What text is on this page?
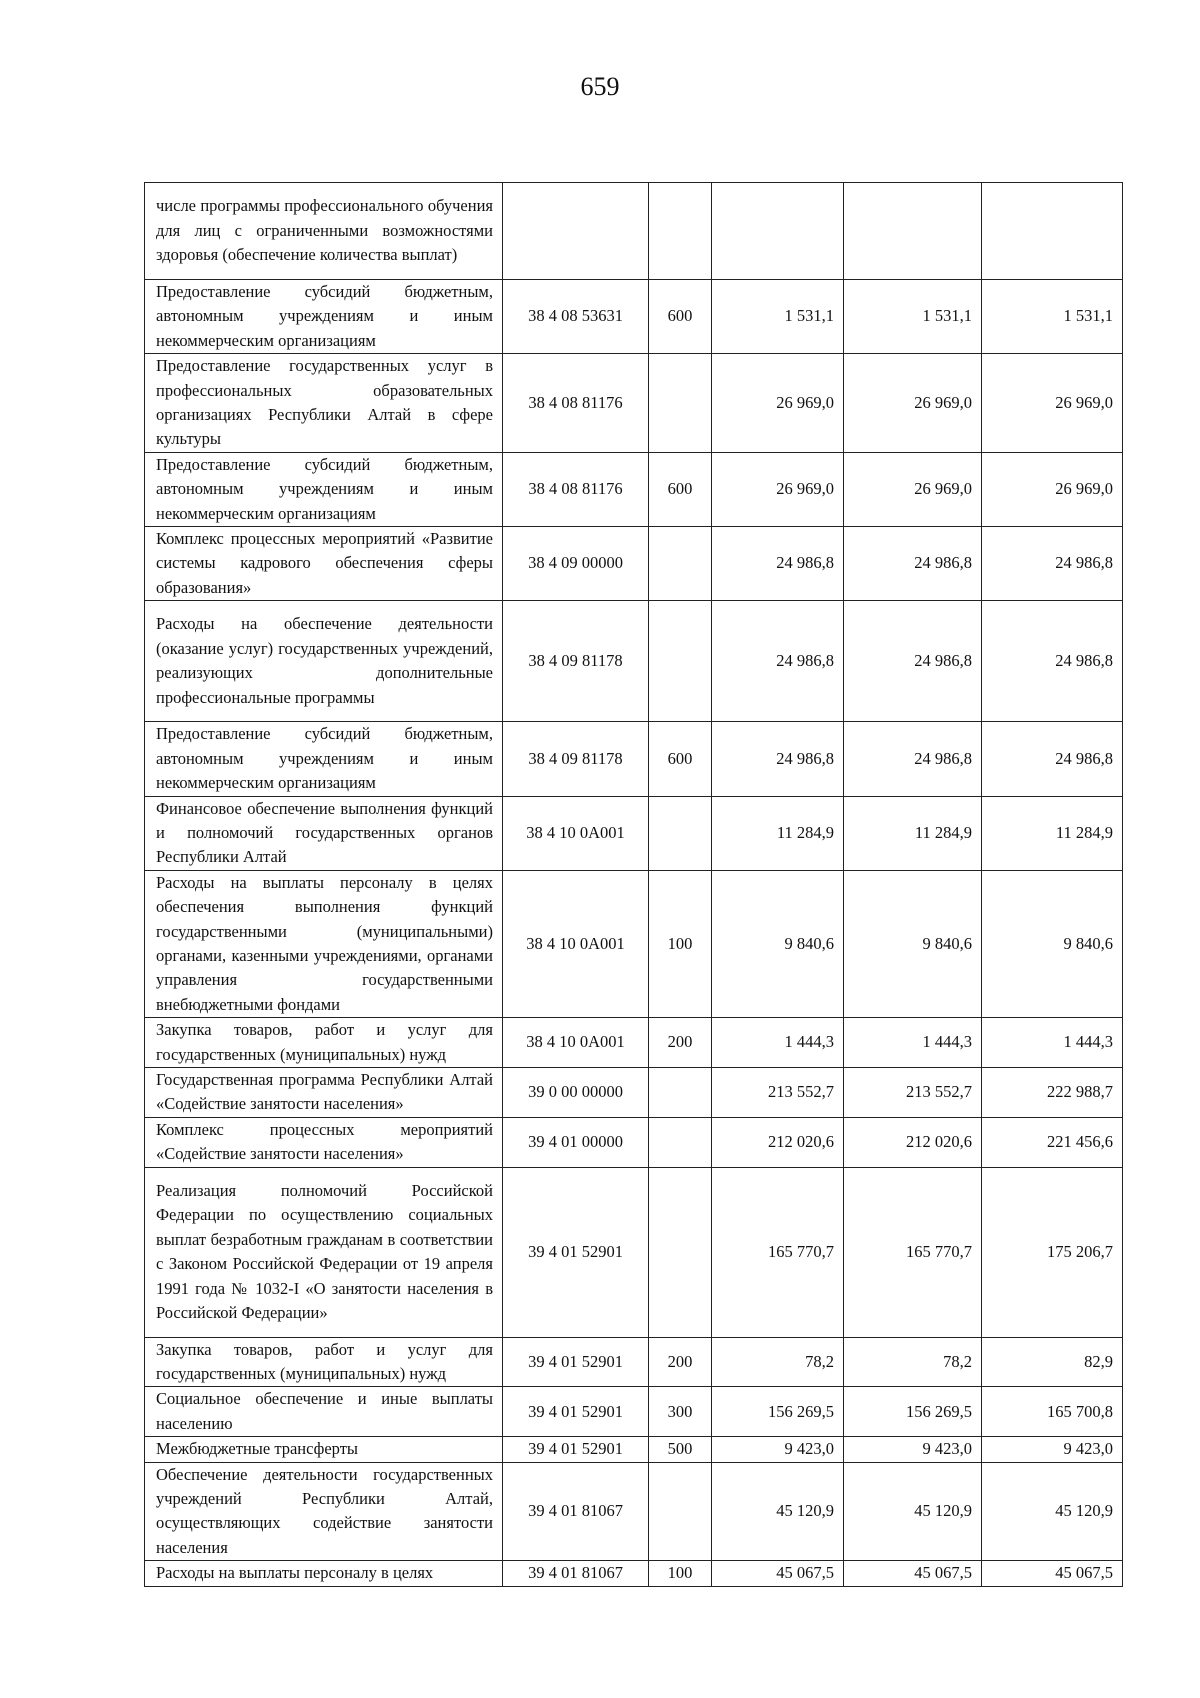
659
числе программы профессионального обучения для лиц с ограниченными возможностями здоровья (обеспечение количества выплат)					
Предоставление субсидий бюджетным, автономным учреждениям и иным некоммерческим организациям	38 4 08 53631	600	1 531,1	1 531,1	1 531,1
Предоставление государственных услуг в профессиональных образовательных организациях Республики Алтай в сфере культуры	38 4 08 81176		26 969,0	26 969,0	26 969,0
Предоставление субсидий бюджетным, автономным учреждениям и иным некоммерческим организациям	38 4 08 81176	600	26 969,0	26 969,0	26 969,0
Комплекс процессных мероприятий «Развитие системы кадрового обеспечения сферы образования»	38 4 09 00000		24 986,8	24 986,8	24 986,8
Расходы на обеспечение деятельности (оказание услуг) государственных учреждений, реализующих дополнительные профессиональные программы	38 4 09 81178		24 986,8	24 986,8	24 986,8
Предоставление субсидий бюджетным, автономным учреждениям и иным некоммерческим организациям	38 4 09 81178	600	24 986,8	24 986,8	24 986,8
Финансовое обеспечение выполнения функций и полномочий государственных органов Республики Алтай	38 4 10 0А001		11 284,9	11 284,9	11 284,9
Расходы на выплаты персоналу в целях обеспечения выполнения функций государственными (муниципальными) органами, казенными учреждениями, органами управления государственными внебюджетными фондами	38 4 10 0А001	100	9 840,6	9 840,6	9 840,6
Закупка товаров, работ и услуг для государственных (муниципальных) нужд	38 4 10 0А001	200	1 444,3	1 444,3	1 444,3
Государственная программа Республики Алтай «Содействие занятости населения»	39 0 00 00000		213 552,7	213 552,7	222 988,7
Комплекс процессных мероприятий «Содействие занятости населения»	39 4 01 00000		212 020,6	212 020,6	221 456,6
Реализация полномочий Российской Федерации по осуществлению социальных выплат безработным гражданам в соответствии с Законом Российской Федерации от 19 апреля 1991 года № 1032-I «О занятости населения в Российской Федерации»	39 4 01 52901		165 770,7	165 770,7	175 206,7
Закупка товаров, работ и услуг для государственных (муниципальных) нужд	39 4 01 52901	200	78,2	78,2	82,9
Социальное обеспечение и иные выплаты населению	39 4 01 52901	300	156 269,5	156 269,5	165 700,8
Межбюджетные трансферты	39 4 01 52901	500	9 423,0	9 423,0	9 423,0
Обеспечение деятельности государственных учреждений Республики Алтай, осуществляющих содействие занятости населения	39 4 01 81067		45 120,9	45 120,9	45 120,9
Расходы на выплаты персоналу в целях	39 4 01 81067	100	45 067,5	45 067,5	45 067,5
